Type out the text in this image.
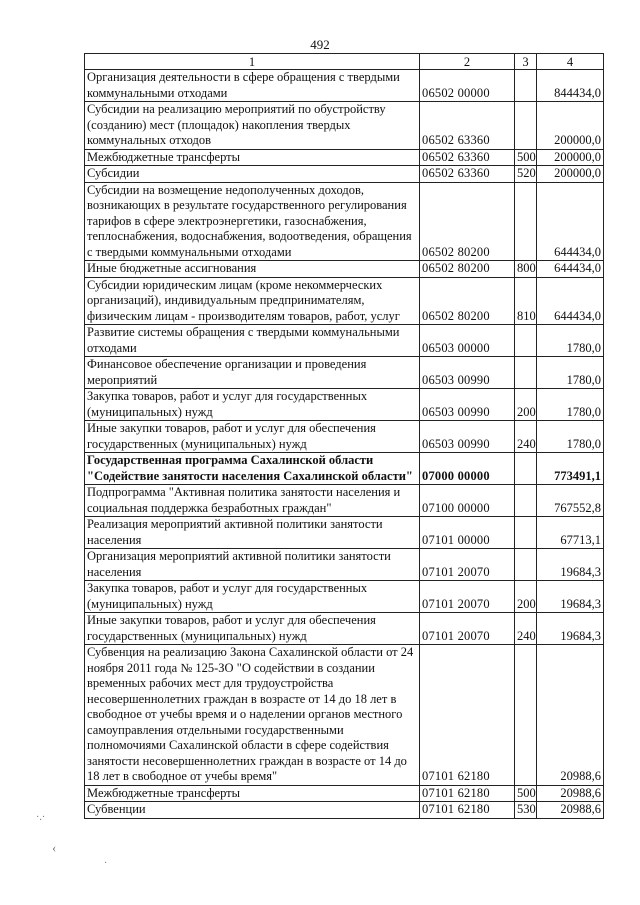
492
1	2	3	4
Организация деятельности в сфере обращения с твердыми коммунальными отходами	06502 00000		844434,0
Субсидии на реализацию мероприятий по обустройству (созданию) мест (площадок) накопления твердых коммунальных отходов	06502 63360		200000,0
Межбюджетные трансферты	06502 63360	500	200000,0
Субсидии	06502 63360	520	200000,0
Субсидии на возмещение недополученных доходов, возникающих в результате государственного регулирования тарифов в сфере электроэнергетики, газоснабжения, теплоснабжения, водоснабжения, водоотведения, обращения с твердыми коммунальными отходами	06502 80200		644434,0
Иные бюджетные ассигнования	06502 80200	800	644434,0
Субсидии юридическим лицам (кроме некоммерческих организаций), индивидуальным предпринимателям, физическим лицам - производителям товаров, работ, услуг	06502 80200	810	644434,0
Развитие системы обращения с твердыми коммунальными отходами	06503 00000		1780,0
Финансовое обеспечение организации и проведения мероприятий	06503 00990		1780,0
Закупка товаров, работ и услуг для государственных (муниципальных) нужд	06503 00990	200	1780,0
Иные закупки товаров, работ и услуг для обеспечения государственных (муниципальных) нужд	06503 00990	240	1780,0
Государственная программа Сахалинской области "Содействие занятости населения Сахалинской области"	07000 00000		773491,1
Подпрограмма "Активная политика занятости населения и социальная поддержка безработных граждан"	07100 00000		767552,8
Реализация мероприятий активной политики занятости населения	07101 00000		67713,1
Организация мероприятий активной политики занятости населения	07101 20070		19684,3
Закупка товаров, работ и услуг для государственных (муниципальных) нужд	07101 20070	200	19684,3
Иные закупки товаров, работ и услуг для обеспечения государственных (муниципальных) нужд	07101 20070	240	19684,3
Субвенция на реализацию Закона Сахалинской области от 24 ноября 2011 года № 125-ЗО "О содействии в создании временных рабочих мест для трудоустройства несовершеннолетних граждан в возрасте от 14 до 18 лет в свободное от учебы время и о наделении органов местного самоуправления отдельными государственными полномочиями Сахалинской области в сфере содействия занятости несовершеннолетних граждан в возрасте от 14 до 18 лет в свободное от учебы время"	07101 62180		20988,6
Межбюджетные трансферты	07101 62180	500	20988,6
Субвенции	07101 62180	530	20988,6
·.·
‹
·
